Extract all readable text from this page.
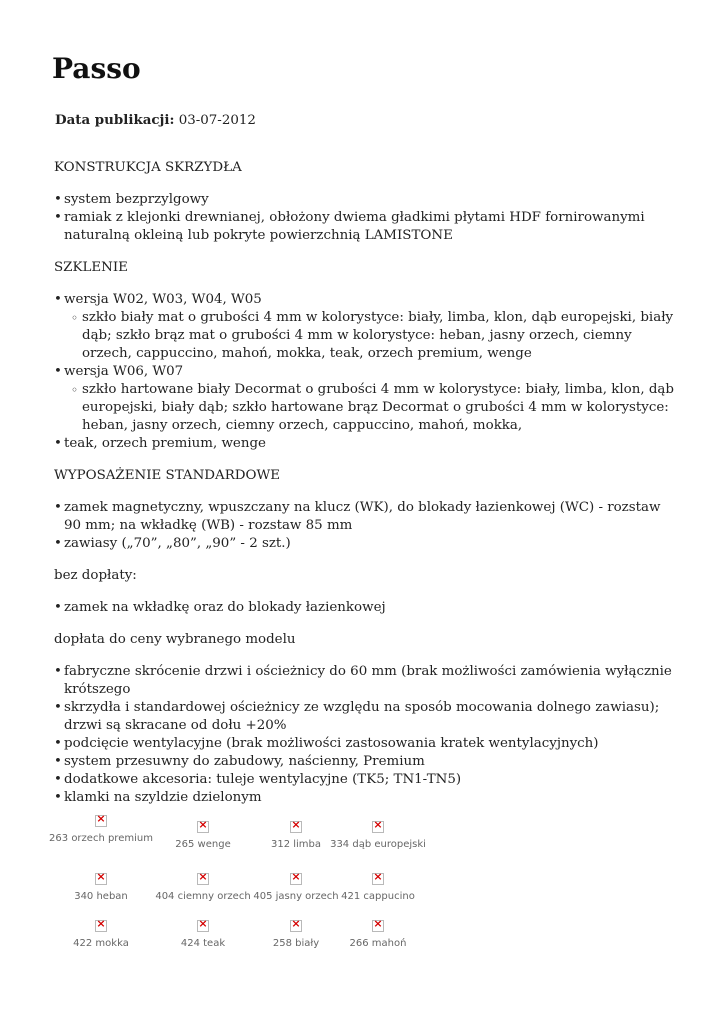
Passo
Data publikacji: 03-07-2012

KONSTRUKCJA SKRZYDŁA

• system bezprzylgowy
• ramiak z klejonki drewnianej, obłożony dwiema gładkimi płytami HDF fornirowanymi naturalną okleiną lub pokryte powierzchnią LAMISTONE

SZKLENIE

• wersja W02, W03, W04, W05
◦ szkło biały mat o grubości 4 mm w kolorystyce: biały, limba, klon, dąb europejski, biały dąb; szkło brąz mat o grubości 4 mm w kolorystyce: heban, jasny orzech, ciemny orzech, cappuccino, mahoń, mokka, teak, orzech premium, wenge
• wersja W06, W07
◦ szkło hartowane biały Decormat o grubości 4 mm w kolorystyce: biały, limba, klon, dąb europejski, biały dąb; szkło hartowane brąz Decormat o grubości 4 mm w kolorystyce: heban, jasny orzech, ciemny orzech, cappuccino, mahoń, mokka,
• teak, orzech premium, wenge

WYPOSAŻENIE STANDARDOWE

• zamek magnetyczny, wpuszczany na klucz (WK), do blokady łazienkowej (WC) - rozstaw 90 mm; na wkładkę (WB) - rozstaw 85 mm
• zawiasy („70”, „80”, „90” - 2 szt.)

bez dopłaty:

• zamek na wkładkę oraz do blokady łazienkowej

dopłata do ceny wybranego modelu

• fabryczne skrócenie drzwi i ościeżnicy do 60 mm (brak możliwości zamówienia wyłącznie krótszego
• skrzydła i standardowej ościeżnicy ze względu na sposób mocowania dolnego zawiasu); drzwi są skracane od dołu +20%
• podcięcie wentylacyjne (brak możliwości zastosowania kratek wentylacyjnych)
• system przesuwny do zabudowy, naścienny, Premium
• dodatkowe akcesoria: tuleje wentylacyjne (TK5; TN1-TN5)
• klamki na szyldzie dzielonym
×
263 orzech premium
×
265 wenge
×	312 limba
× 334 dąb europejski
×
340 heban
×	404 ciemny orzech
× 405 jasny orzech
× 421 cappucino
×
422 mokka
×	424 teak
×	258 biały
×	266 mahoń
